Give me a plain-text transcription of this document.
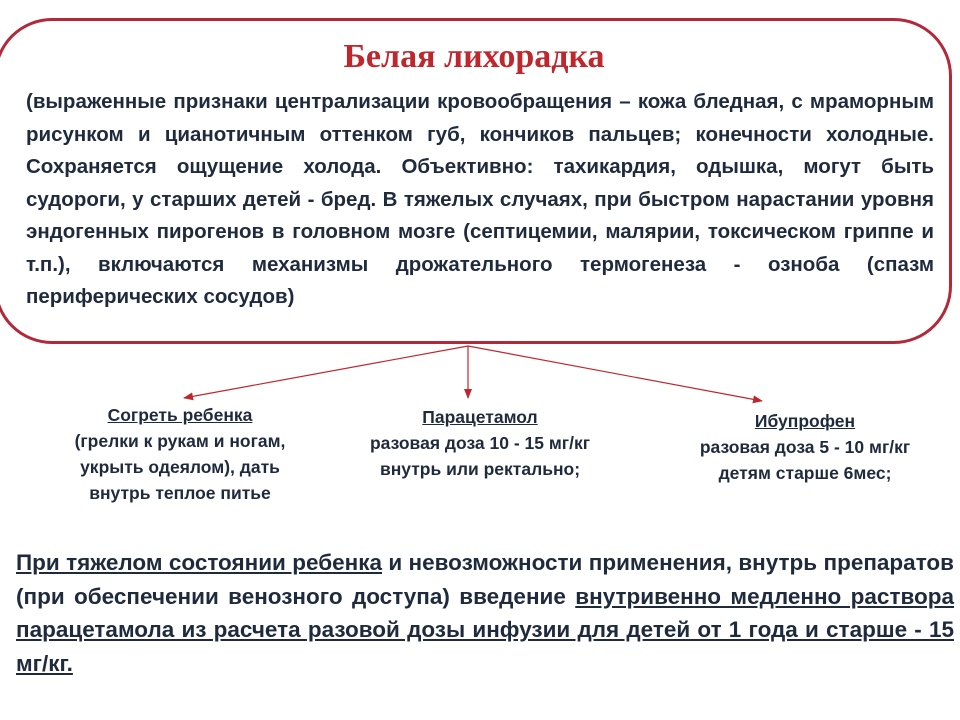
Белая лихорадка

(выраженные признаки централизации кровообращения – кожа бледная, с мраморным рисунком и цианотичным оттенком губ, кончиков пальцев; конечности холодные. Сохраняется ощущение холода. Объективно: тахикардия, одышка, могут быть судороги, у старших детей - бред. В тяжелых случаях, при быстром нарастании уровня эндогенных пирогенов в головном мозге (септицемии, малярии, токсическом гриппе и т.п.), включаются механизмы дрожательного термогенеза - озноба (спазм периферических сосудов)

Согреть ребенка
(грелки к рукам и ногам,
укрыть одеялом), дать
внутрь теплое питье
Парацетамол
разовая доза 10 - 15 мг/кг
внутрь или ректально;
Ибупрофен
разовая доза 5 - 10 мг/кг
детям старше 6мес;

При тяжелом состоянии ребенка и невозможности применения, внутрь препаратов (при обеспечении венозного доступа) введение внутривенно медленно раствора парацетамола из расчета разовой дозы инфузии для детей от 1 года и старше - 15 мг/кг.
